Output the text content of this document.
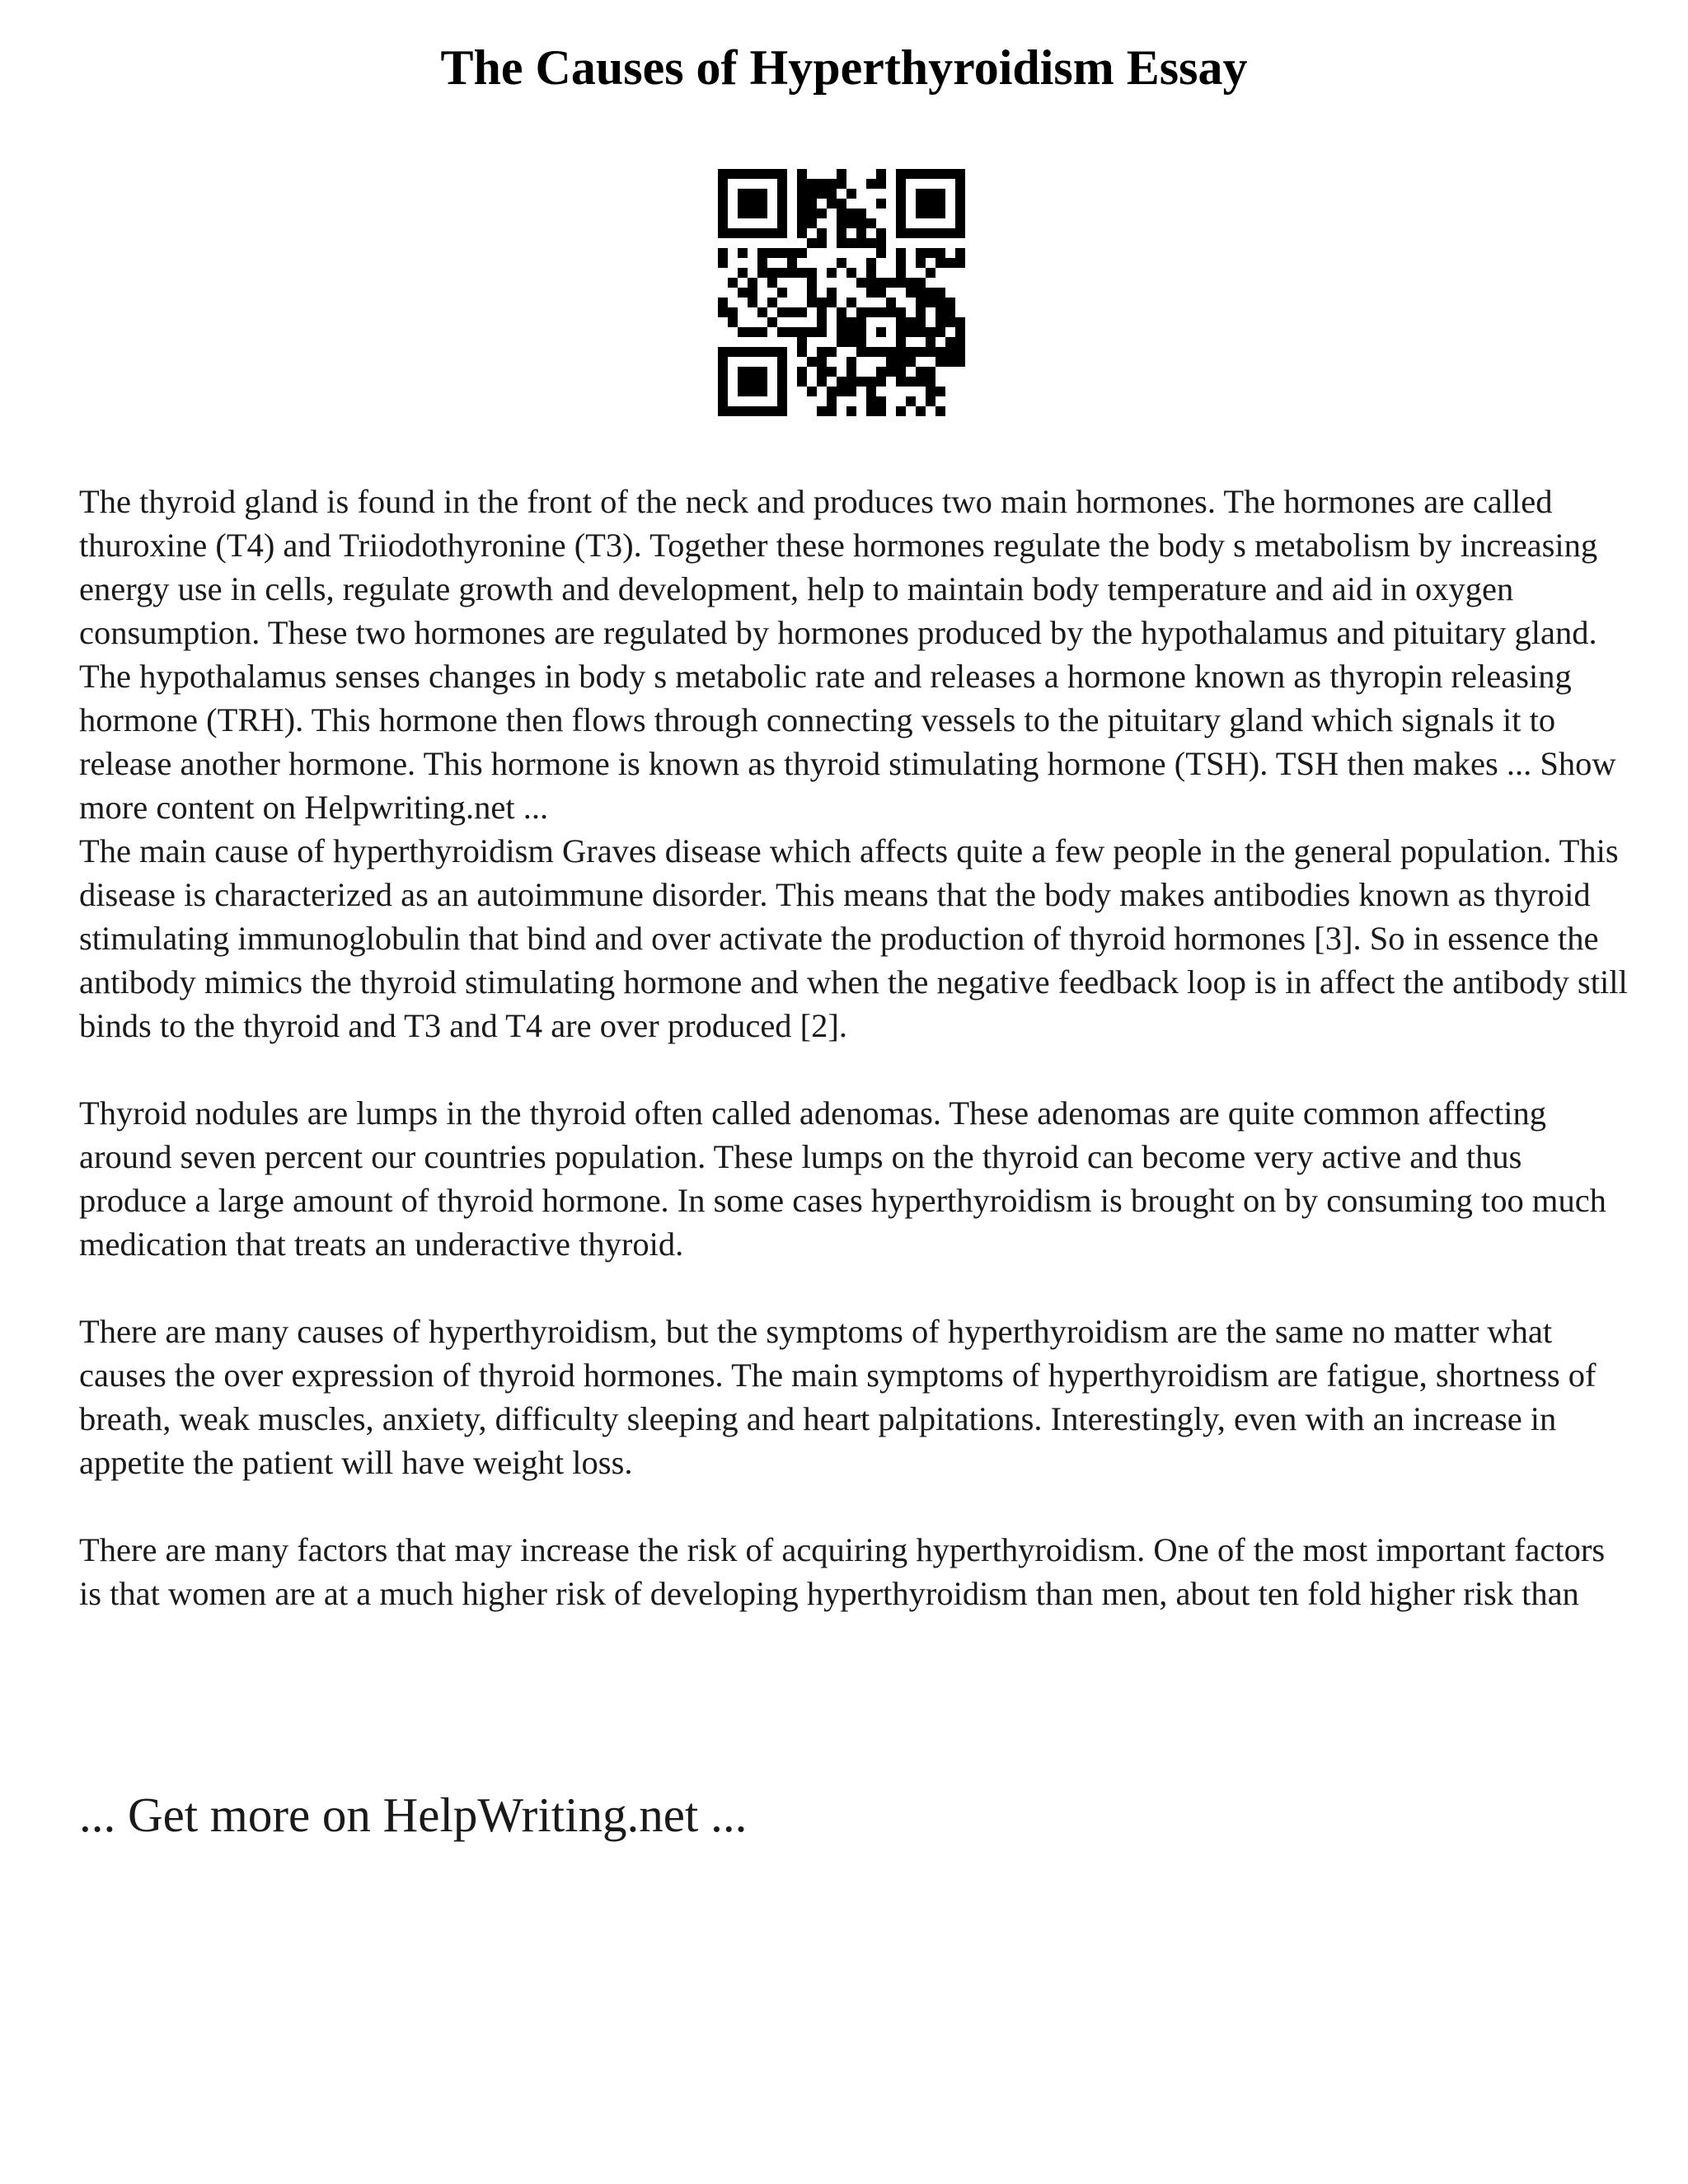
The Causes of Hyperthyroidism Essay

The thyroid gland is found in the front of the neck and produces two main hormones. The hormones are called thuroxine (T4) and Triiodothyronine (T3). Together these hormones regulate the body s metabolism by increasing energy use in cells, regulate growth and development, help to maintain body temperature and aid in oxygen consumption. These two hormones are regulated by hormones produced by the hypothalamus and pituitary gland. The hypothalamus senses changes in body s metabolic rate and releases a hormone known as thyropin releasing hormone (TRH). This hormone then flows through connecting vessels to the pituitary gland which signals it to release another hormone. This hormone is known as thyroid stimulating hormone (TSH). TSH then makes ... Show more content on Helpwriting.net ...

The main cause of hyperthyroidism Graves disease which affects quite a few people in the general population. This disease is characterized as an autoimmune disorder. This means that the body makes antibodies known as thyroid stimulating immunoglobulin that bind and over activate the production of thyroid hormones [3]. So in essence the antibody mimics the thyroid stimulating hormone and when the negative feedback loop is in affect the antibody still binds to the thyroid and T3 and T4 are over produced [2].

Thyroid nodules are lumps in the thyroid often called adenomas. These adenomas are quite common affecting around seven percent our countries population. These lumps on the thyroid can become very active and thus produce a large amount of thyroid hormone. In some cases hyperthyroidism is brought on by consuming too much medication that treats an underactive thyroid.

There are many causes of hyperthyroidism, but the symptoms of hyperthyroidism are the same no matter what causes the over expression of thyroid hormones. The main symptoms of hyperthyroidism are fatigue, shortness of breath, weak muscles, anxiety, difficulty sleeping and heart palpitations. Interestingly, even with an increase in appetite the patient will have weight loss.

There are many factors that may increase the risk of acquiring hyperthyroidism. One of the most important factors is that women are at a much higher risk of developing hyperthyroidism than men, about ten fold higher risk than

... Get more on HelpWriting.net ...
